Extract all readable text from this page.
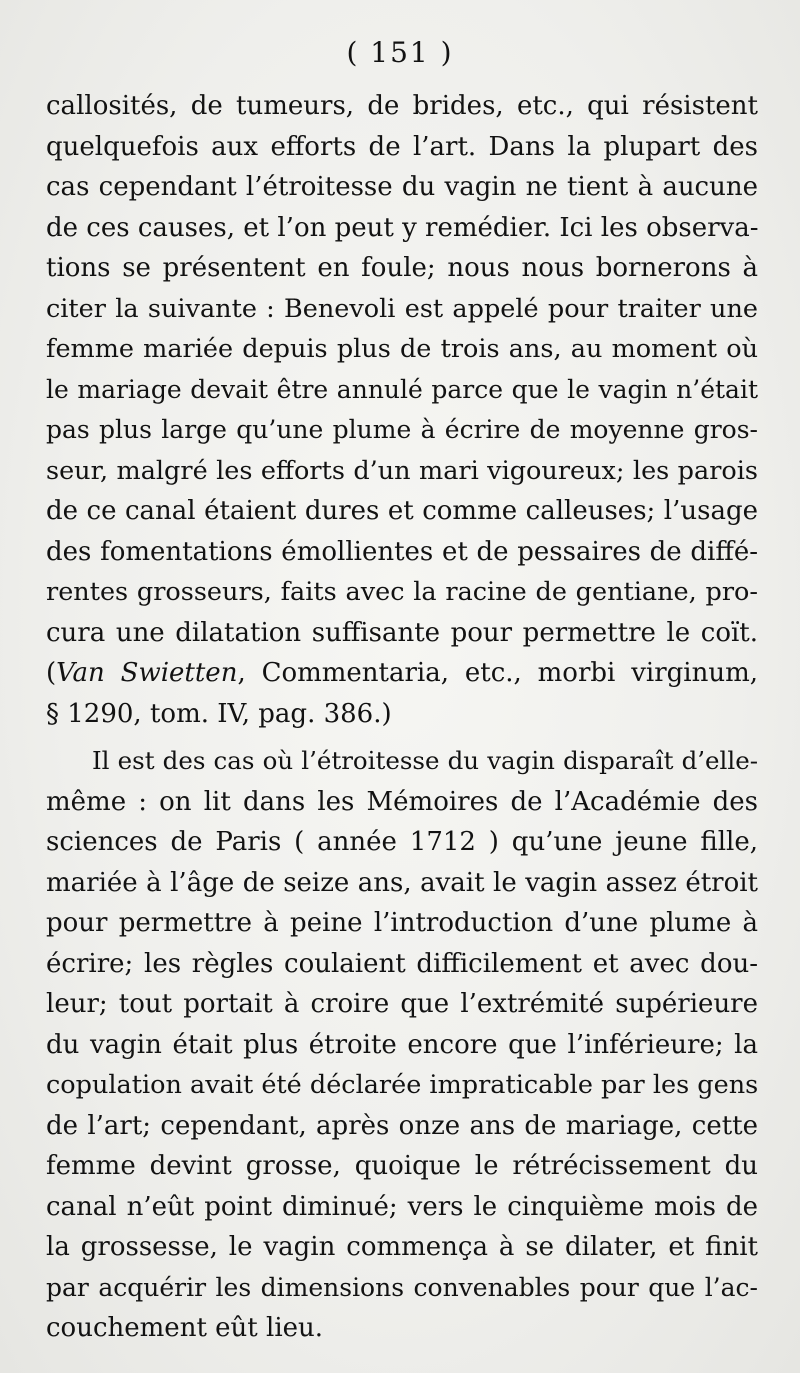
( 151 )
callosités, de tumeurs, de brides, etc., qui résistent
quelquefois aux efforts de l’art. Dans la plupart des
cas cependant l’étroitesse du vagin ne tient à aucune
de ces causes, et l’on peut y remédier. Ici les observa-
tions se présentent en foule; nous nous bornerons à
citer la suivante : Benevoli est appelé pour traiter une
femme mariée depuis plus de trois ans, au moment où
le mariage devait être annulé parce que le vagin n’était
pas plus large qu’une plume à écrire de moyenne gros-
seur, malgré les efforts d’un mari vigoureux; les parois
de ce canal étaient dures et comme calleuses; l’usage
des fomentations émollientes et de pessaires de diffé-
rentes grosseurs, faits avec la racine de gentiane, pro-
cura une dilatation suffisante pour permettre le coït.
(Van Swietten, Commentaria, etc., morbi virginum,
§ 1290, tom. IV, pag. 386.)
Il est des cas où l’étroitesse du vagin disparaît d’elle-
même : on lit dans les Mémoires de l’Académie des
sciences de Paris ( année 1712 ) qu’une jeune fille,
mariée à l’âge de seize ans, avait le vagin assez étroit
pour permettre à peine l’introduction d’une plume à
écrire; les règles coulaient difficilement et avec dou-
leur; tout portait à croire que l’extrémité supérieure
du vagin était plus étroite encore que l’inférieure; la
copulation avait été déclarée impraticable par les gens
de l’art; cependant, après onze ans de mariage, cette
femme devint grosse, quoique le rétrécissement du
canal n’eût point diminué; vers le cinquième mois de
la grossesse, le vagin commença à se dilater, et finit
par acquérir les dimensions convenables pour que l’ac-
couchement eût lieu.
